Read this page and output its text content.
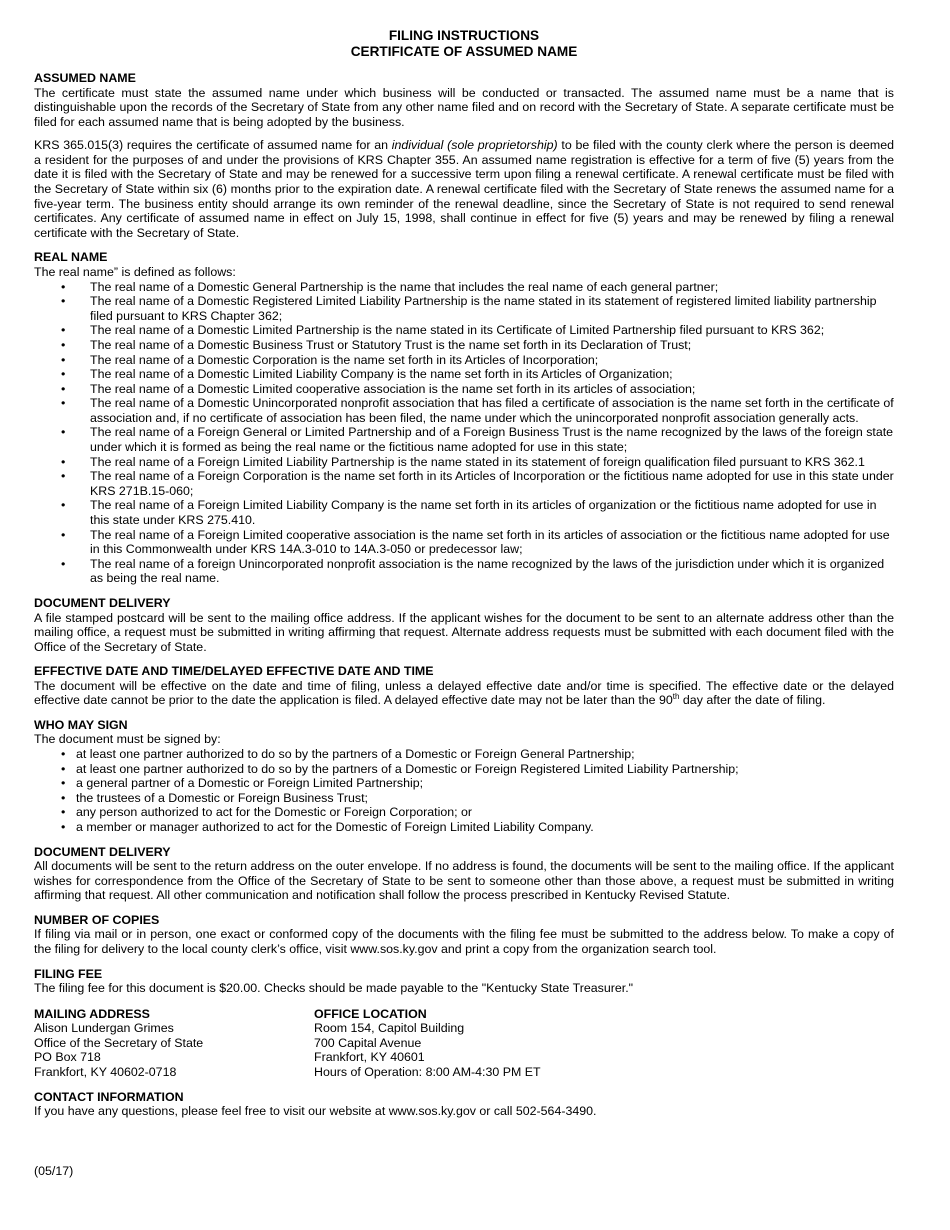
FILING INSTRUCTIONS
CERTIFICATE OF ASSUMED NAME
ASSUMED NAME

The certificate must state the assumed name under which business will be conducted or transacted. The assumed name must be a name that is distinguishable upon the records of the Secretary of State from any other name filed and on record with the Secretary of State. A separate certificate must be filed for each assumed name that is being adopted by the business.

KRS 365.015(3) requires the certificate of assumed name for an individual (sole proprietorship) to be filed with the county clerk where the person is deemed a resident for the purposes of and under the provisions of KRS Chapter 355. An assumed name registration is effective for a term of five (5) years from the date it is filed with the Secretary of State and may be renewed for a successive term upon filing a renewal certificate. A renewal certificate must be filed with the Secretary of State within six (6) months prior to the expiration date. A renewal certificate filed with the Secretary of State renews the assumed name for a five-year term. The business entity should arrange its own reminder of the renewal deadline, since the Secretary of State is not required to send renewal certificates. Any certificate of assumed name in effect on July 15, 1998, shall continue in effect for five (5) years and may be renewed by filing a renewal certificate with the Secretary of State.

REAL NAME

The real name” is defined as follows:

• The real name of a Domestic General Partnership is the name that includes the real name of each general partner;
• The real name of a Domestic Registered Limited Liability Partnership is the name stated in its statement of registered limited liability partnership filed pursuant to KRS Chapter 362;
• The real name of a Domestic Limited Partnership is the name stated in its Certificate of Limited Partnership filed pursuant to KRS 362;
• The real name of a Domestic Business Trust or Statutory Trust is the name set forth in its Declaration of Trust;
• The real name of a Domestic Corporation is the name set forth in its Articles of Incorporation;
• The real name of a Domestic Limited Liability Company is the name set forth in its Articles of Organization;
• The real name of a Domestic Limited cooperative association is the name set forth in its articles of association;
• The real name of a Domestic Unincorporated nonprofit association that has filed a certificate of association is the name set forth in the certificate of association and, if no certificate of association has been filed, the name under which the unincorporated nonprofit association generally acts.
• The real name of a Foreign General or Limited Partnership and of a Foreign Business Trust is the name recognized by the laws of the foreign state under which it is formed as being the real name or the fictitious name adopted for use in this state;
• The real name of a Foreign Limited Liability Partnership is the name stated in its statement of foreign qualification filed pursuant to KRS 362.1
• The real name of a Foreign Corporation is the name set forth in its Articles of Incorporation or the fictitious name adopted for use in this state under KRS 271B.15-060;
• The real name of a Foreign Limited Liability Company is the name set forth in its articles of organization or the fictitious name adopted for use in this state under KRS 275.410.
• The real name of a Foreign Limited cooperative association is the name set forth in its articles of association or the fictitious name adopted for use in this Commonwealth under KRS 14A.3-010 to 14A.3-050 or predecessor law;
• The real name of a foreign Unincorporated nonprofit association is the name recognized by the laws of the jurisdiction under which it is organized as being the real name.
DOCUMENT DELIVERY

A file stamped postcard will be sent to the mailing office address. If the applicant wishes for the document to be sent to an alternate address other than the mailing office, a request must be submitted in writing affirming that request. Alternate address requests must be submitted with each document filed with the Office of the Secretary of State.

EFFECTIVE DATE AND TIME/DELAYED EFFECTIVE DATE AND TIME

The document will be effective on the date and time of filing, unless a delayed effective date and/or time is specified. The effective date or the delayed effective date cannot be prior to the date the application is filed. A delayed effective date may not be later than the 90th day after the date of filing.

WHO MAY SIGN

The document must be signed by:

• at least one partner authorized to do so by the partners of a Domestic or Foreign General Partnership;
• at least one partner authorized to do so by the partners of a Domestic or Foreign Registered Limited Liability Partnership;
• a general partner of a Domestic or Foreign Limited Partnership;
• the trustees of a Domestic or Foreign Business Trust;
• any person authorized to act for the Domestic or Foreign Corporation; or
• a member or manager authorized to act for the Domestic of Foreign Limited Liability Company.
DOCUMENT DELIVERY

All documents will be sent to the return address on the outer envelope. If no address is found, the documents will be sent to the mailing office. If the applicant wishes for correspondence from the Office of the Secretary of State to be sent to someone other than those above, a request must be submitted in writing affirming that request. All other communication and notification shall follow the process prescribed in Kentucky Revised Statute.

NUMBER OF COPIES

If filing via mail or in person, one exact or conformed copy of the documents with the filing fee must be submitted to the address below. To make a copy of the filing for delivery to the local county clerk’s office, visit www.sos.ky.gov and print a copy from the organization search tool.

FILING FEE

The filing fee for this document is $20.00. Checks should be made payable to the "Kentucky State Treasurer."

MAILING ADDRESS
Alison Lundergan Grimes
Office of the Secretary of State
PO Box 718
Frankfort, KY 40602-0718
OFFICE LOCATION
Room 154, Capitol Building
700 Capital Avenue
Frankfort, KY 40601
Hours of Operation: 8:00 AM-4:30 PM ET
CONTACT INFORMATION

If you have any questions, please feel free to visit our website at www.sos.ky.gov or call 502-564-3490.

(05/17)
